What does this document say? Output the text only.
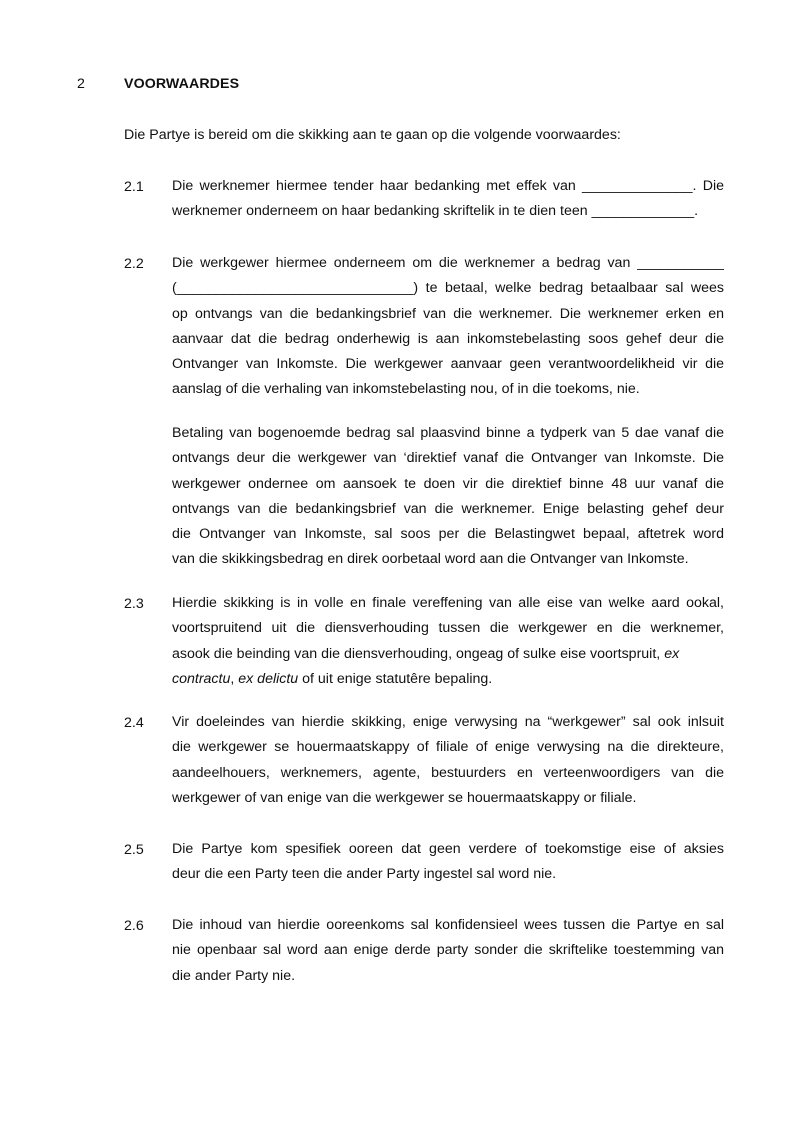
2	VOORWAARDES
Die Partye is bereid om die skikking aan te gaan op die volgende voorwaardes:
2.1 Die werknemer hiermee tender haar bedanking met effek van ______________. Die
werknemer onderneem on haar bedanking skriftelik in te dien teen _____________.
2.2 Die werkgewer hiermee onderneem om die werknemer a bedrag van ___________
(______________________________) te betaal, welke bedrag betaalbaar sal wees
op ontvangs van die bedankingsbrief van die werknemer. Die werknemer erken en
aanvaar dat die bedrag onderhewig is aan inkomstebelasting soos gehef deur die
Ontvanger van Inkomste. Die werkgewer aanvaar geen verantwoordelikheid vir die
aanslag of die verhaling van inkomstebelasting nou, of in die toekoms, nie.
Betaling van bogenoemde bedrag sal plaasvind binne a tydperk van 5 dae vanaf die
ontvangs deur die werkgewer van ‘direktief vanaf die Ontvanger van Inkomste. Die
werkgewer ondernee om aansoek te doen vir die direktief binne 48 uur vanaf die
ontvangs van die bedankingsbrief van die werknemer. Enige belasting gehef deur
die Ontvanger van Inkomste, sal soos per die Belastingwet bepaal, aftetrek word
van die skikkingsbedrag en direk oorbetaal word aan die Ontvanger van Inkomste.
2.3 Hierdie skikking is in volle en finale vereffening van alle eise van welke aard ookal,
voortspruitend uit die diensverhouding tussen die werkgewer en die werknemer,
asook die beinding van die diensverhouding, ongeag of sulke eise voortspruit, ex
contractu, ex delictu of uit enige statutêre bepaling.
2.4 Vir doeleindes van hierdie skikking, enige verwysing na “werkgewer” sal ook inlsuit
die werkgewer se houermaatskappy of filiale of enige verwysing na die direkteure,
aandeelhouers, werknemers, agente, bestuurders en verteenwoordigers van die
werkgewer of van enige van die werkgewer se houermaatskappy or filiale.
2.5 Die Partye kom spesifiek ooreen dat geen verdere of toekomstige eise of aksies
deur die een Party teen die ander Party ingestel sal word nie.
2.6 Die inhoud van hierdie ooreenkoms sal konfidensieel wees tussen die Partye en sal
nie openbaar sal word aan enige derde party sonder die skriftelike toestemming van
die ander Party nie.
